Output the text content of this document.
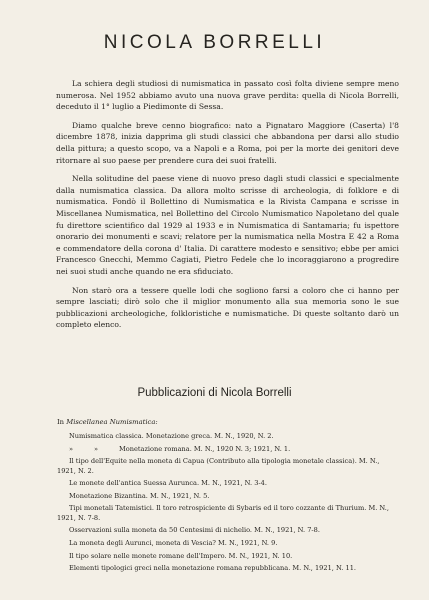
NICOLA BORRELLI

La schiera degli studiosi di numismatica in passato così folta diviene sempre meno numerosa. Nel 1952 abbiamo avuto una nuova grave perdita: quella di Nicola Borrelli, deceduto il 1° luglio a Piedimonte di Sessa.

Diamo qualche breve cenno biografico: nato a Pignataro Maggiore (Caserta) l'8 dicembre 1878, inizia dapprima gli studi classici che abbandona per darsi allo studio della pittura; a questo scopo, va a Napoli e a Roma, poi per la morte dei genitori deve ritornare al suo paese per prendere cura dei suoi fratelli.

Nella solitudine del paese viene di nuovo preso dagli studi classici e specialmente dalla numismatica classica. Da allora molto scrisse di archeologia, di folklore e di numismatica. Fondò il Bollettino di Numismatica e la Rivista Campana e scrisse in Miscellanea Numismatica, nel Bollettino del Circolo Numismatico Napoletano del quale fu direttore scientifico dal 1929 al 1933 e in Numismatica di Santamaria; fu ispettore onorario dei monumenti e scavi; relatore per la numismatica nella Mostra E 42 a Roma e commendatore della corona d' Italia. Di carattere modesto e sensitivo; ebbe per amici Francesco Gnecchi, Memmo Cagiati, Pietro Fedele che lo incoraggiarono a progredire nei suoi studi anche quando ne era sfiduciato.

Non starò ora a tessere quelle lodi che sogliono farsi a coloro che ci hanno per sempre lasciati; dirò solo che il miglior monumento alla sua memoria sono le sue pubblicazioni archeologiche, folkloristiche e numismatiche. Di queste soltanto darò un completo elenco.

Pubblicazioni di Nicola Borrelli
In Miscellanea Numismatica:
Numismatica classica. Monetazione greca. M. N., 1920, N. 2.
»          »          Monetazione romana. M. N., 1920 N. 3; 1921, N. 1.
Il tipo dell'Equite nella moneta di Capua (Contributo alla tipologia monetale classica). M. N., 1921, N. 2.
Le monete dell'antica Suessa Aurunca. M. N., 1921, N. 3-4.
Monetazione Bizantina. M. N., 1921, N. 5.
Tipi monetali Tatemistici. Il toro retrospiciente di Sybaris ed il toro cozzante di Thurium. M. N., 1921, N. 7-8.
Osservazioni sulla moneta da 50 Centesimi di nichelio. M. N., 1921, N. 7-8.
La moneta degli Aurunci, moneta di Vescia? M. N., 1921, N. 9.
Il tipo solare nelle monete romane dell'Impero. M. N., 1921, N. 10.
Elementi tipologici greci nella monetazione romana repubblicana. M. N., 1921, N. 11.
